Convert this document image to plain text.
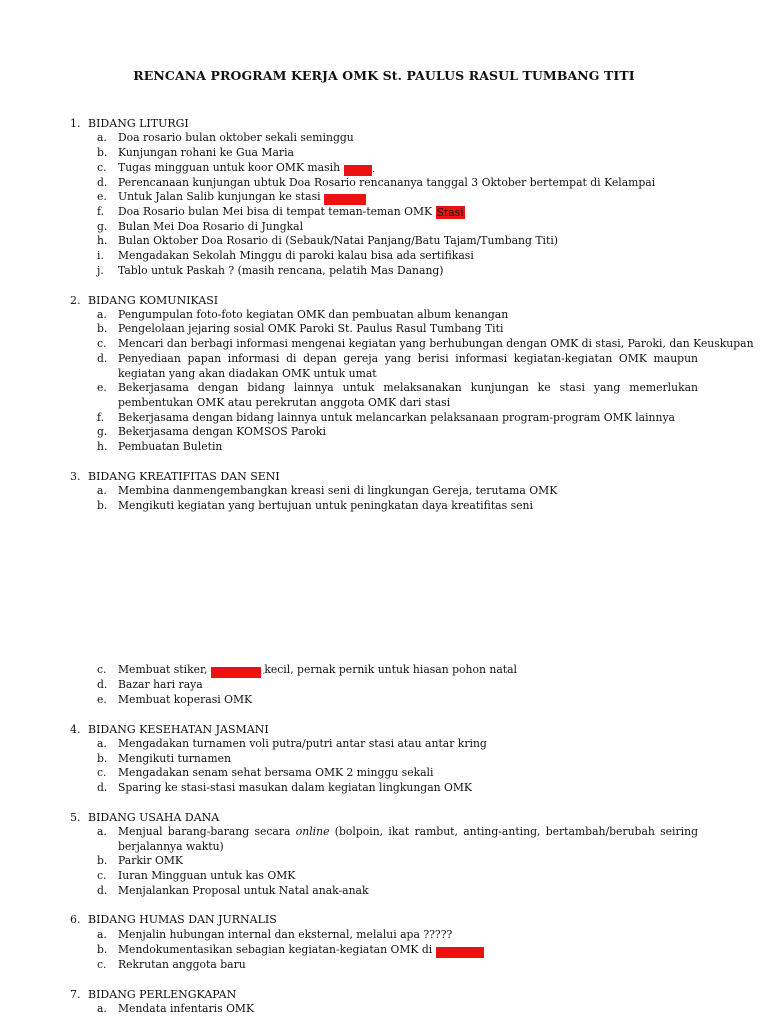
RENCANA PROGRAM KERJA OMK St. PAULUS RASUL TUMBANG TITI
1. BIDANG LITURGI
a. Doa rosario bulan oktober sekali seminggu
b. Kunjungan rohani ke Gua Maria
c. Tugas mingguan untuk koor OMK masih ...........
d. Perencanaan kunjungan ubtuk Doa Rosario rencananya tanggal 3 Oktober bertempat di Kelampai
e. Untuk Jalan Salib kunjungan ke stasi .............
f. Doa Rosario bulan Mei bisa di tempat teman-teman OMK Stasi
g. Bulan Mei Doa Rosario di Jungkal
h. Bulan Oktober Doa Rosario di (Sebauk/Natai Panjang/Batu Tajam/Tumbang Titi)
i. Mengadakan Sekolah Minggu di paroki kalau bisa ada sertifikasi
j. Tablo untuk Paskah ? (masih rencana, pelatih Mas Danang)
2. BIDANG KOMUNIKASI
a. Pengumpulan foto-foto kegiatan OMK dan pembuatan album kenangan
b. Pengelolaan jejaring sosial OMK Paroki St. Paulus Rasul Tumbang Titi
c. Mencari dan berbagi informasi mengenai kegiatan yang berhubungan dengan OMK di stasi, Paroki, dan Keuskupan
d. Penyediaan papan informasi di depan gereja yang berisi informasi kegiatan-kegiatan OMK maupun kegiatan yang akan diadakan OMK untuk umat
e. Bekerjasama dengan bidang lainnya untuk melaksanakan kunjungan ke stasi yang memerlukan pembentukan OMK atau perekrutan anggota OMK dari stasi
f. Bekerjasama dengan bidang lainnya untuk melancarkan pelaksanaan program-program OMK lainnya
g. Bekerjasama dengan KOMSOS Paroki
h. Pembuatan Buletin
3. BIDANG KREATIFITAS DAN SENI
a. Membina danmengembangkan kreasi seni di lingkungan Gereja, terutama OMK
b. Mengikuti kegiatan yang bertujuan untuk peningkatan daya kreatifitas seni
c. Membuat stiker, ................... kecil, pernak pernik untuk hiasan pohon natal
d. Bazar hari raya
e. Membuat koperasi OMK
4. BIDANG KESEHATAN JASMANI
a. Mengadakan turnamen voli putra/putri antar stasi atau antar kring
b. Mengikuti turnamen
c. Mengadakan senam sehat bersama OMK 2 minggu sekali
d. Sparing ke stasi-stasi masukan dalam kegiatan lingkungan OMK
5. BIDANG USAHA DANA
a. Menjual barang-barang secara online (bolpoin, ikat rambut, anting-anting, bertambah/berubah seiring berjalannya waktu)
b. Parkir OMK
c. Iuran Mingguan untuk kas OMK
d. Menjalankan Proposal untuk Natal anak-anak
6. BIDANG HUMAS DAN JURNALIS
a. Menjalin hubungan internal dan eksternal, melalui apa ?????
b. Mendokumentasikan sebagian kegiatan-kegiatan OMK di ................
c. Rekrutan anggota baru
7. BIDANG PERLENGKAPAN
a. Mendata infentaris OMK
